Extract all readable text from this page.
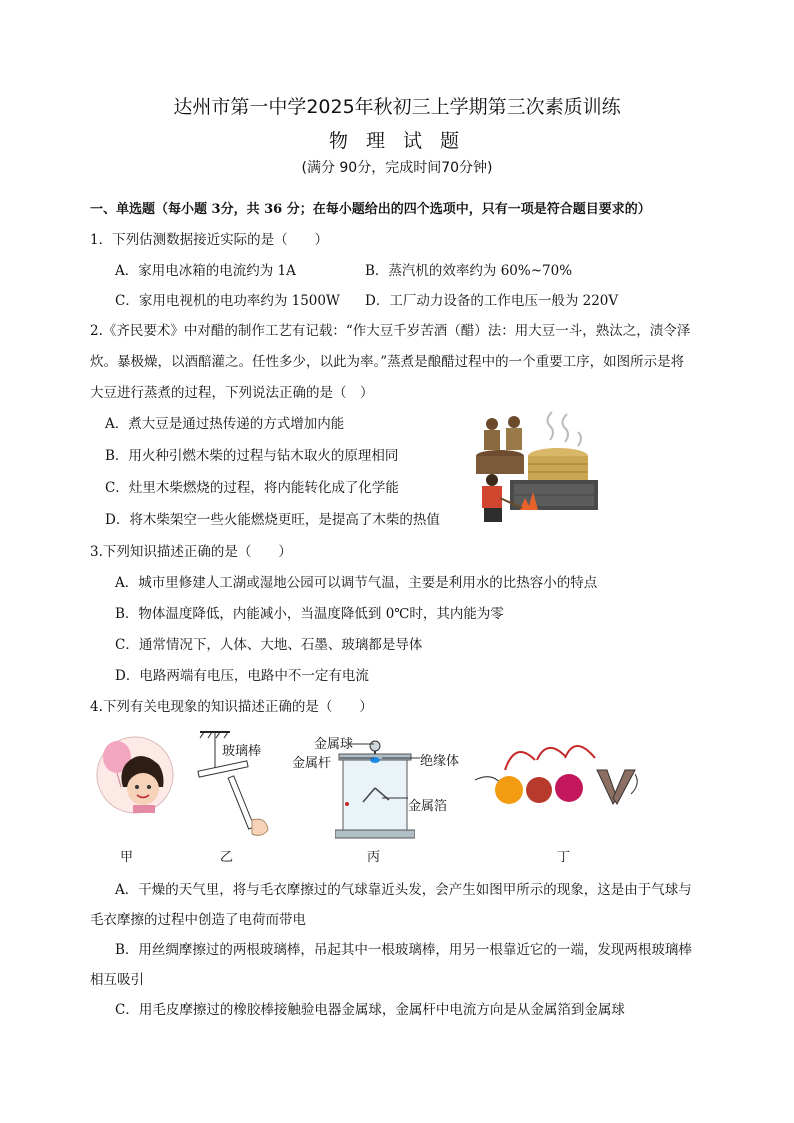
达州市第一中学2025年秋初三上学期第三次素质训练
物 理 试 题
(满分 90分，完成时间70分钟)
一、单选题（每小题 3分，共 36 分；在每小题给出的四个选项中，只有一项是符合题目要求的）
1．下列估测数据接近实际的是（　　）
A．家用电冰箱的电流约为 1A	B．蒸汽机的效率约为 60%~70%
C．家用电视机的电功率约为 1500W D．工厂动力设备的工作电压一般为 220V
2.《齐民要术》中对醋的制作工艺有记载：“作大豆千岁苦酒（醋）法：用大豆一斗，熟汰之，渍令泽
炊。暴极燥，以酒醅灌之。任性多少，以此为率。”蒸煮是酿醋过程中的一个重要工序，如图所示是将
大豆进行蒸煮的过程，下列说法正确的是（　）
A．煮大豆是通过热传递的方式增加内能
B．用火种引燃木柴的过程与钻木取火的原理相同
C．灶里木柴燃烧的过程，将内能转化成了化学能
D．将木柴架空一些火能燃烧更旺，是提高了木柴的热值
3.下列知识描述正确的是（　　）
A．城市里修建人工湖或湿地公园可以调节气温，主要是利用水的比热容小的特点
B．物体温度降低，内能减小，当温度降低到 0℃时，其内能为零
C．通常情况下，人体、大地、石墨、玻璃都是导体
D．电路两端有电压，电路中不一定有电流
4.下列有关电现象的知识描述正确的是（　　）
玻璃棒	金属球
金属杆	绝缘体
金属箔
甲	乙	丙	丁
A．干燥的天气里，将与毛衣摩擦过的气球靠近头发，会产生如图甲所示的现象，这是由于气球与
毛衣摩擦的过程中创造了电荷而带电
B．用丝绸摩擦过的两根玻璃棒，吊起其中一根玻璃棒，用另一根靠近它的一端，发现两根玻璃棒
相互吸引
C．用毛皮摩擦过的橡胶棒接触验电器金属球，金属杆中电流方向是从金属箔到金属球
